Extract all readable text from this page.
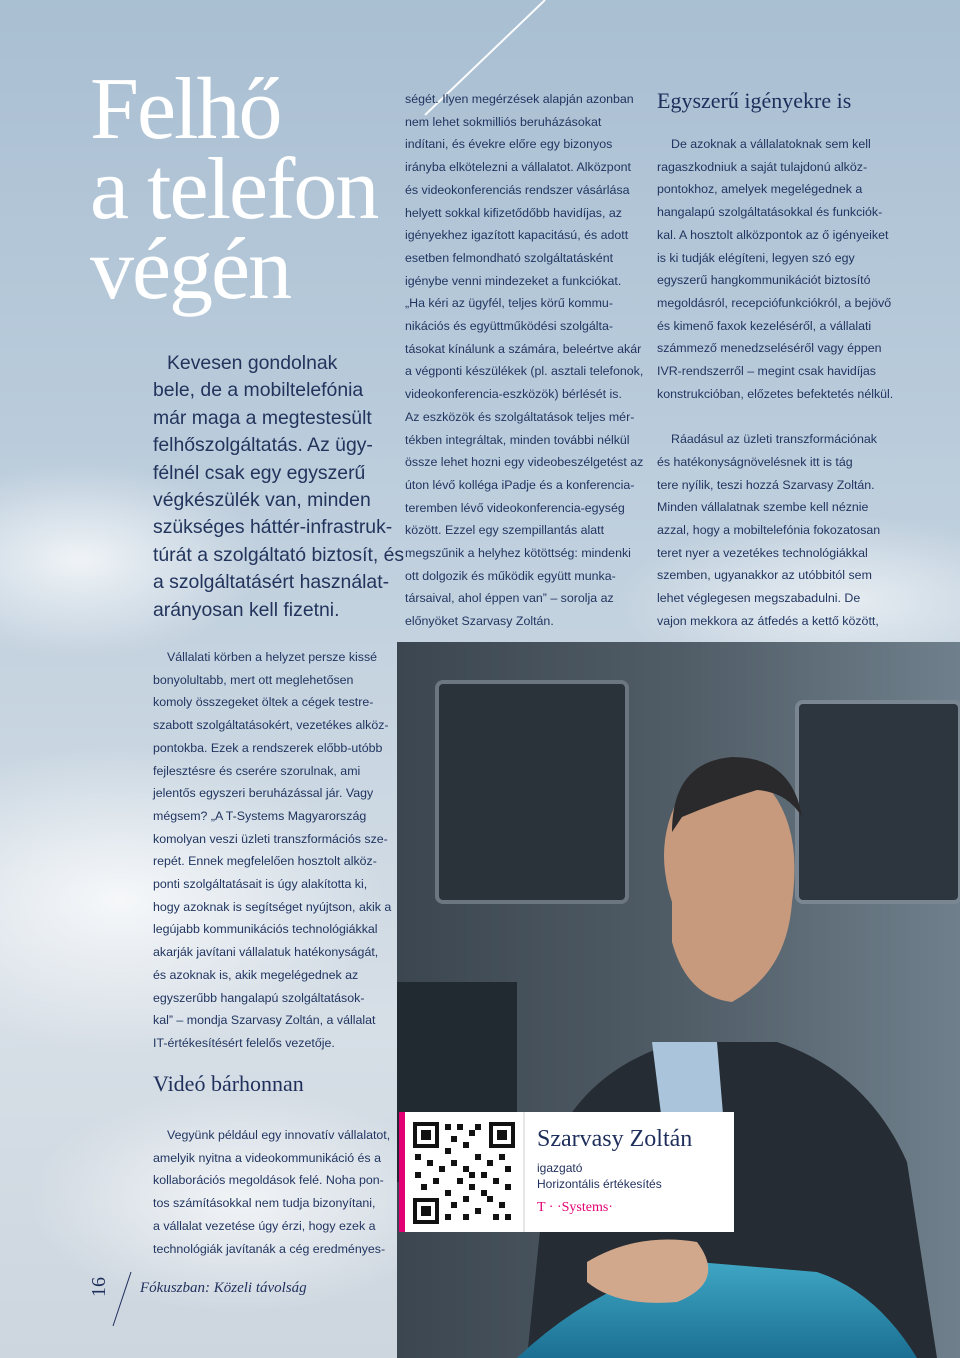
Felhő
a telefon
végén
Kevesen gondolnak
bele, de a mobiltelefónia
már maga a megtestesült
felhőszolgáltatás. Az ügy-
félnél csak egy egyszerű
végkészülék van, minden
szükséges háttér-infrastruk-
túrát a szolgáltató biztosít, és
a szolgáltatásért használat-
arányosan kell fizetni.
Vállalati körben a helyzet persze kissé
bonyolultabb, mert ott meglehetősen
komoly összegeket öltek a cégek testre-
szabott szolgáltatásokért, vezetékes alköz-
pontokba. Ezek a rendszerek előbb-utóbb
fejlesztésre és cserére szorulnak, ami
jelentős egyszeri beruházással jár. Vagy
mégsem? „A T-Systems Magyarország
komolyan veszi üzleti transzformációs sze-
repét. Ennek megfelelően hosztolt alköz-
ponti szolgáltatásait is úgy alakította ki,
hogy azoknak is segítséget nyújtson, akik a
legújabb kommunikációs technológiákkal
akarják javítani vállalatuk hatékonyságát,
és azoknak is, akik megelégednek az
egyszerűbb hangalapú szolgáltatások-
kal” – mondja Szarvasy Zoltán, a vállalat
IT-értékesítésért felelős vezetője.
Videó bárhonnan
Vegyünk például egy innovatív vállalatot,
amelyik nyitna a videokommunikáció és a
kollaborációs megoldások felé. Noha pon-
tos számításokkal nem tudja bizonyítani,
a vállalat vezetése úgy érzi, hogy ezek a
technológiák javítanák a cég eredményes-
ségét. Ilyen megérzések alapján azonban
nem lehet sokmilliós beruházásokat
indítani, és évekre előre egy bizonyos
irányba elkötelezni a vállalatot. Alközpont
és videokonferenciás rendszer vásárlása
helyett sokkal kifizetődőbb havidíjas, az
igényekhez igazított kapacitású, és adott
esetben felmondható szolgáltatásként
igénybe venni mindezeket a funkciókat.
„Ha kéri az ügyfél, teljes körű kommu-
nikációs és együttműködési szolgálta-
tásokat kínálunk a számára, beleértve akár
a végponti készülékek (pl. asztali telefonok,
videokonferencia-eszközök) bérlését is.
Az eszközök és szolgáltatások teljes mér-
tékben integráltak, minden további nélkül
össze lehet hozni egy videobeszélgetést az
úton lévő kolléga iPadje és a konferencia-
teremben lévő videokonferencia-egység
között. Ezzel egy szempillantás alatt
megszűnik a helyhez kötöttség: mindenki
ott dolgozik és működik együtt munka-
társaival, ahol éppen van” – sorolja az
előnyöket Szarvasy Zoltán.
Egyszerű igényekre is
De azoknak a vállalatoknak sem kell
ragaszkodniuk a saját tulajdonú alköz-
pontokhoz, amelyek megelégednek a
hangalapú szolgáltatásokkal és funkciók-
kal. A hosztolt alközpontok az ő igényeiket
is ki tudják elégíteni, legyen szó egy
egyszerű hangkommunikációt biztosító
megoldásról, recepciófunkciókról, a bejövő
és kimenő faxok kezeléséről, a vállalati
számmező menedzseléséről vagy éppen
IVR-rendszerről – megint csak havidíjas
konstrukcióban, előzetes befektetés nélkül.
Ráadásul az üzleti transzformációnak
és hatékonyságnövelésnek itt is tág
tere nyílik, teszi hozzá Szarvasy Zoltán.
Minden vállalatnak szembe kell néznie
azzal, hogy a mobiltelefónia fokozatosan
teret nyer a vezetékes technológiákkal
szemben, ugyanakkor az utóbbitól sem
lehet véglegesen megszabadulni. De
vajon mekkora az átfedés a kettő között,
Szarvasy Zoltán
igazgató
Horizontális értékesítés
T · ·Systems·
16	Fókuszban: Közeli távolság
